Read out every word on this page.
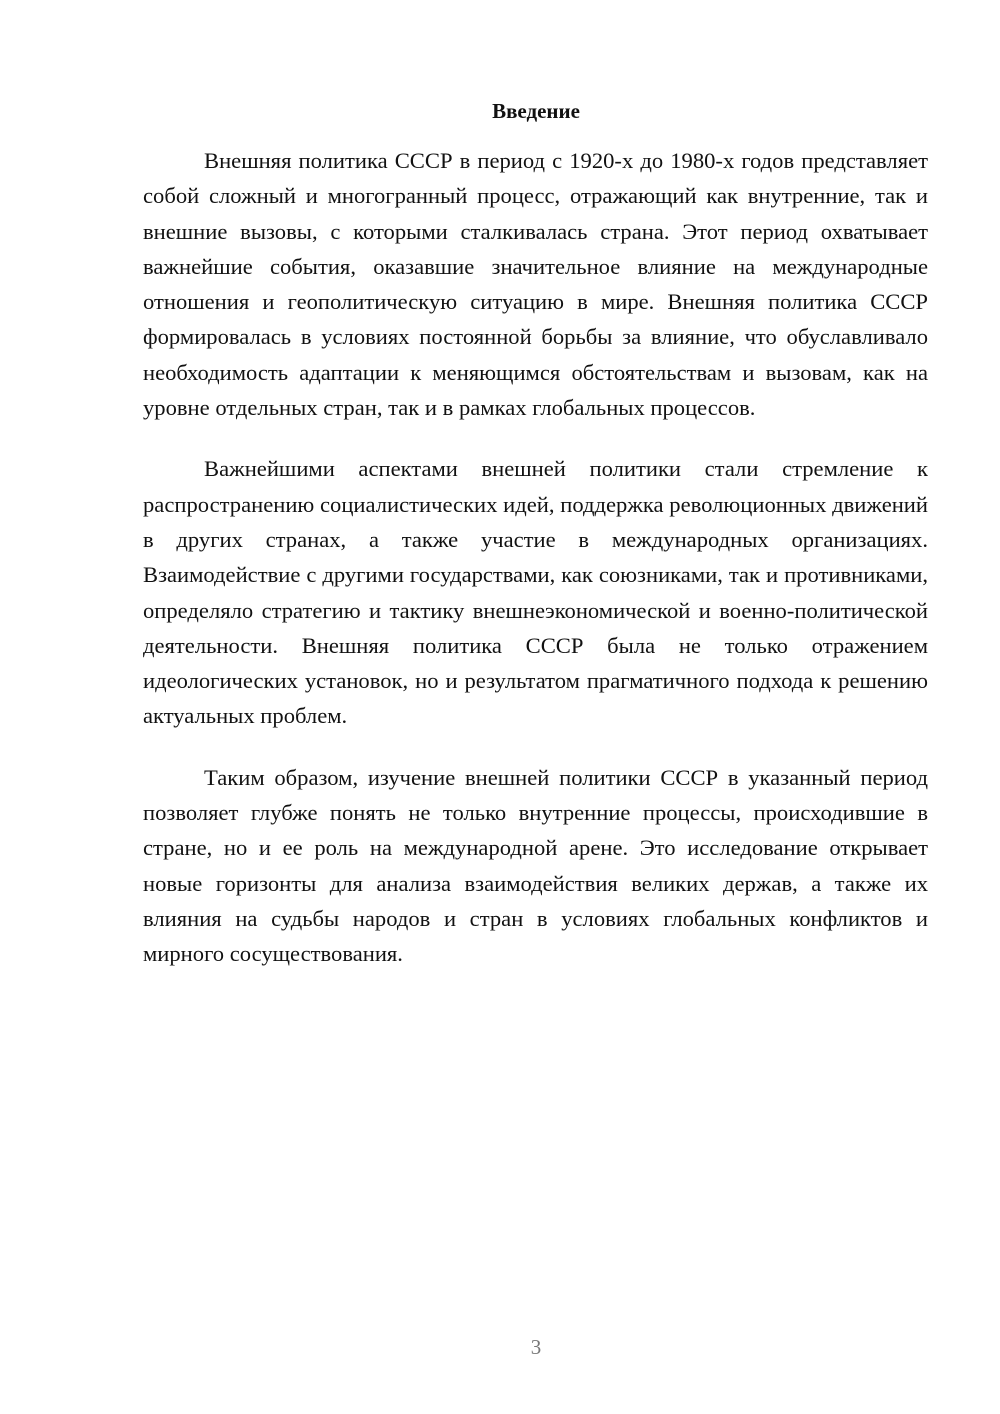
Введение

Внешняя политика СССР в период с 1920-х до 1980-х годов представляет собой сложный и многогранный процесс, отражающий как внутренние, так и внешние вызовы, с которыми сталкивалась страна. Этот период охватывает важнейшие события, оказавшие значительное влияние на международные отношения и геополитическую ситуацию в мире. Внешняя политика СССР формировалась в условиях постоянной борьбы за влияние, что обуславливало необходимость адаптации к меняющимся обстоятельствам и вызовам, как на уровне отдельных стран, так и в рамках глобальных процессов.

Важнейшими аспектами внешней политики стали стремление к распространению социалистических идей, поддержка революционных движений в других странах, а также участие в международных организациях. Взаимодействие с другими государствами, как союзниками, так и противниками, определяло стратегию и тактику внешнеэкономической и военно-политической деятельности. Внешняя политика СССР была не только отражением идеологических установок, но и результатом прагматичного подхода к решению актуальных проблем.

Таким образом, изучение внешней политики СССР в указанный период позволяет глубже понять не только внутренние процессы, происходившие в стране, но и ее роль на международной арене. Это исследование открывает новые горизонты для анализа взаимодействия великих держав, а также их влияния на судьбы народов и стран в условиях глобальных конфликтов и мирного сосуществования.

3
